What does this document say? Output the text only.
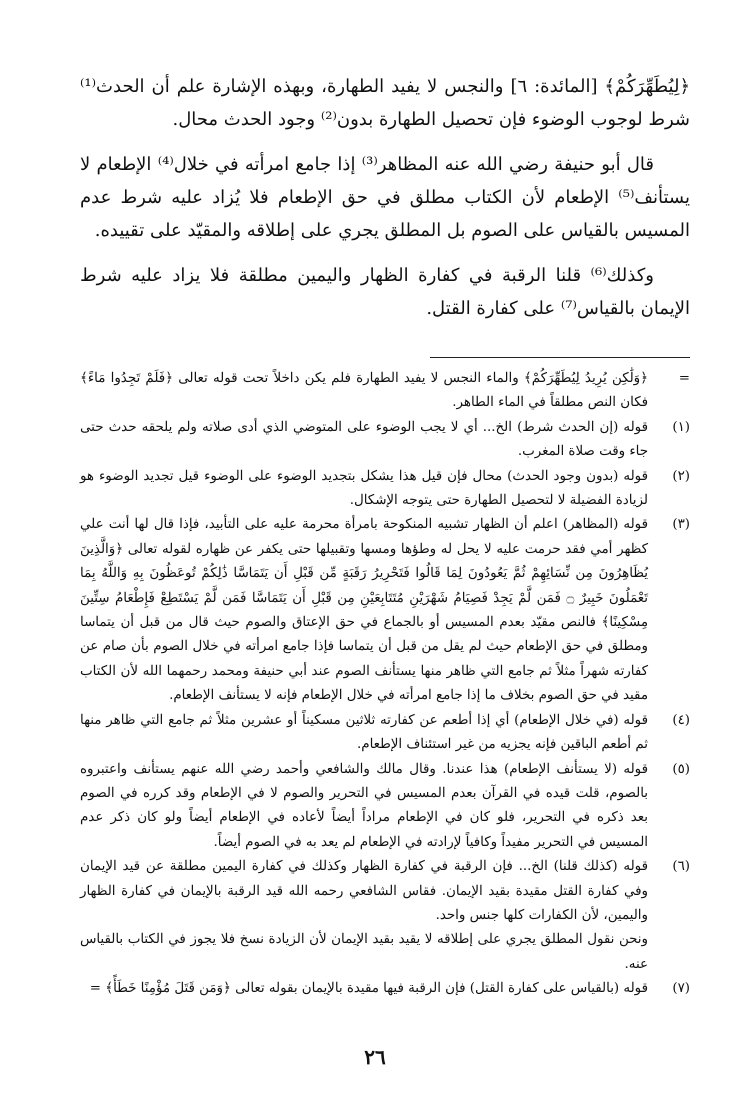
﴿لِيُطَهِّرَكُمْ﴾ [المائدة: ٦] والنجس لا يفيد الطهارة، وبهذه الإشارة علم أن الحدث⁽¹⁾ شرط لوجوب الوضوء فإن تحصيل الطهارة بدون⁽²⁾ وجود الحدث محال.

قال أبو حنيفة رضي الله عنه المظاهر⁽³⁾ إذا جامع امرأته في خلال⁽⁴⁾ الإطعام لا يستأنف⁽⁵⁾ الإطعام لأن الكتاب مطلق في حق الإطعام فلا يُزاد عليه شرط عدم المسيس بالقياس على الصوم بل المطلق يجري على إطلاقه والمقيّد على تقييده.

وكذلك⁽⁶⁾ قلنا الرقبة في كفارة الظهار واليمين مطلقة فلا يزاد عليه شرط الإيمان بالقياس⁽⁷⁾ على كفارة القتل.

=
﴿وَلَٰكِن يُرِيدُ لِيُطَهِّرَكُمْ﴾ والماء النجس لا يفيد الطهارة فلم يكن داخلاً تحت قوله تعالى ﴿فَلَمْ تَجِدُوا مَاءً﴾ فكان النص مطلقاً في الماء الطاهر.
(١)
قوله (إن الحدث شرط) الخ... أي لا يجب الوضوء على المتوضي الذي أدى صلاته ولم يلحقه حدث حتى جاء وقت صلاة المغرب.
(٢)
قوله (بدون وجود الحدث) محال فإن قيل هذا يشكل بتجديد الوضوء على الوضوء قيل تجديد الوضوء هو لزيادة الفضيلة لا لتحصيل الطهارة حتى يتوجه الإشكال.
(٣)
قوله (المظاهر) اعلم أن الظهار تشبيه المنكوحة بامرأة محرمة عليه على التأبيد، فإذا قال لها أنت علي كظهر أمي فقد حرمت عليه لا يحل له وطؤها ومسها وتقبيلها حتى يكفر عن ظهاره لقوله تعالى ﴿وَالَّذِينَ يُظَاهِرُونَ مِن نِّسَائِهِمْ ثُمَّ يَعُودُونَ لِمَا قَالُوا فَتَحْرِيرُ رَقَبَةٍ مِّن قَبْلِ أَن يَتَمَاسَّا ذَٰلِكُمْ تُوعَظُونَ بِهِ وَاللَّهُ بِمَا تَعْمَلُونَ خَبِيرٌ ۝ فَمَن لَّمْ يَجِدْ فَصِيَامُ شَهْرَيْنِ مُتَتَابِعَيْنِ مِن قَبْلِ أَن يَتَمَاسَّا فَمَن لَّمْ يَسْتَطِعْ فَإِطْعَامُ سِتِّينَ مِسْكِينًا﴾ فالنص مقيّد بعدم المسيس أو بالجماع في حق الإعتاق والصوم حيث قال من قبل أن يتماسا ومطلق في حق الإطعام حيث لم يقل من قبل أن يتماسا فإذا جامع امرأته في خلال الصوم بأن صام عن كفارته شهراً مثلاً ثم جامع التي ظاهر منها يستأنف الصوم عند أبي حنيفة ومحمد رحمهما الله لأن الكتاب مقيد في حق الصوم بخلاف ما إذا جامع امرأته في خلال الإطعام فإنه لا يستأنف الإطعام.
(٤)
قوله (في خلال الإطعام) أي إذا أطعم عن كفارته ثلاثين مسكيناً أو عشرين مثلاً ثم جامع التي ظاهر منها ثم أطعم الباقين فإنه يجزيه من غير استئناف الإطعام.
(٥)
قوله (لا يستأنف الإطعام) هذا عندنا. وقال مالك والشافعي وأحمد رضي الله عنهم يستأنف واعتبروه بالصوم، قلت قيده في القرآن بعدم المسيس في التحرير والصوم لا في الإطعام وقد كرره في الصوم بعد ذكره في التحرير، فلو كان في الإطعام مراداً أيضاً لأعاده في الإطعام أيضاً ولو كان ذكر عدم المسيس في التحرير مفيداً وكافياً لإرادته في الإطعام لم يعد به في الصوم أيضاً.
(٦)
قوله (كذلك قلنا) الخ... فإن الرقبة في كفارة الظهار وكذلك في كفارة اليمين مطلقة عن قيد الإيمان وفي كفارة القتل مقيدة بقيد الإيمان. فقاس الشافعي رحمه الله قيد الرقبة بالإيمان في كفارة الظهار واليمين، لأن الكفارات كلها جنس واحد.
ونحن نقول المطلق يجري على إطلاقه لا يقيد بقيد الإيمان لأن الزيادة نسخ فلا يجوز في الكتاب بالقياس عنه.
(٧)
قوله (بالقياس على كفارة القتل) فإن الرقبة فيها مقيدة بالإيمان بقوله تعالى ﴿وَمَن قَتَلَ مُؤْمِنًا خَطَأً﴾ =
٢٦
